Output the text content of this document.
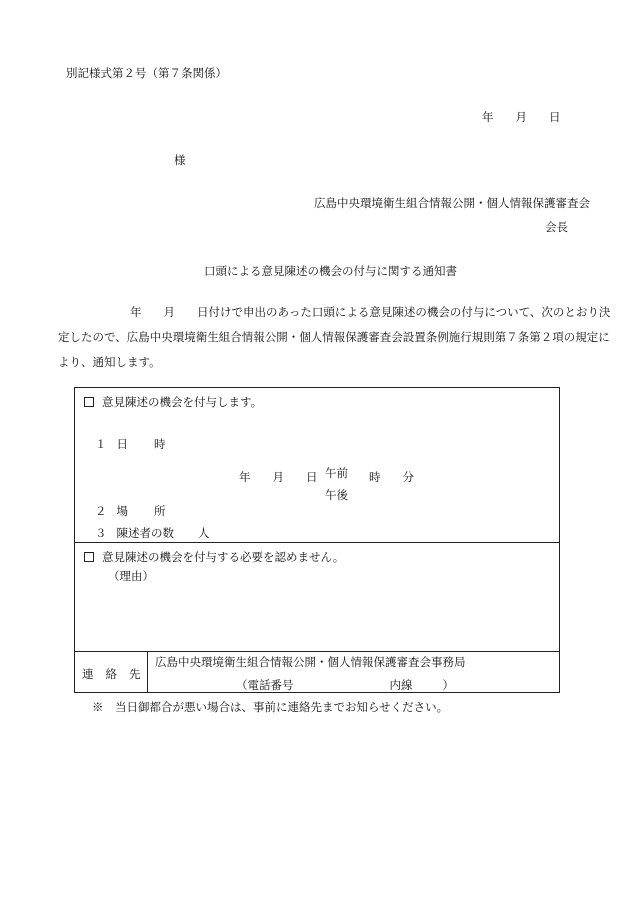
別記様式第２号（第７条関係）
年 月 日
様
広島中央環境衛生組合情報公開・個人情報保護審査会
会長
口頭による意見陳述の機会の付与に関する通知書
年 月 日付けで申出のあった口頭による意見陳述の機会の付与について、次のとおり決
定したので、広島中央環境衛生組合情報公開・個人情報保護審査会設置条例施行規則第７条第２項の規定に
より、通知します。
意見陳述の機会を付与します。
１ 日 時
年 月 日 午前
午後
時 分
２ 場 所
３ 陳述者の数 人
意見陳述の機会を付与する必要を認めません。
（理由）
連 絡 先
広島中央環境衛生組合情報公開・個人情報保護審査会事務局
（電話番号	内線	）
※　当日御都合が悪い場合は、事前に連絡先までお知らせください。
